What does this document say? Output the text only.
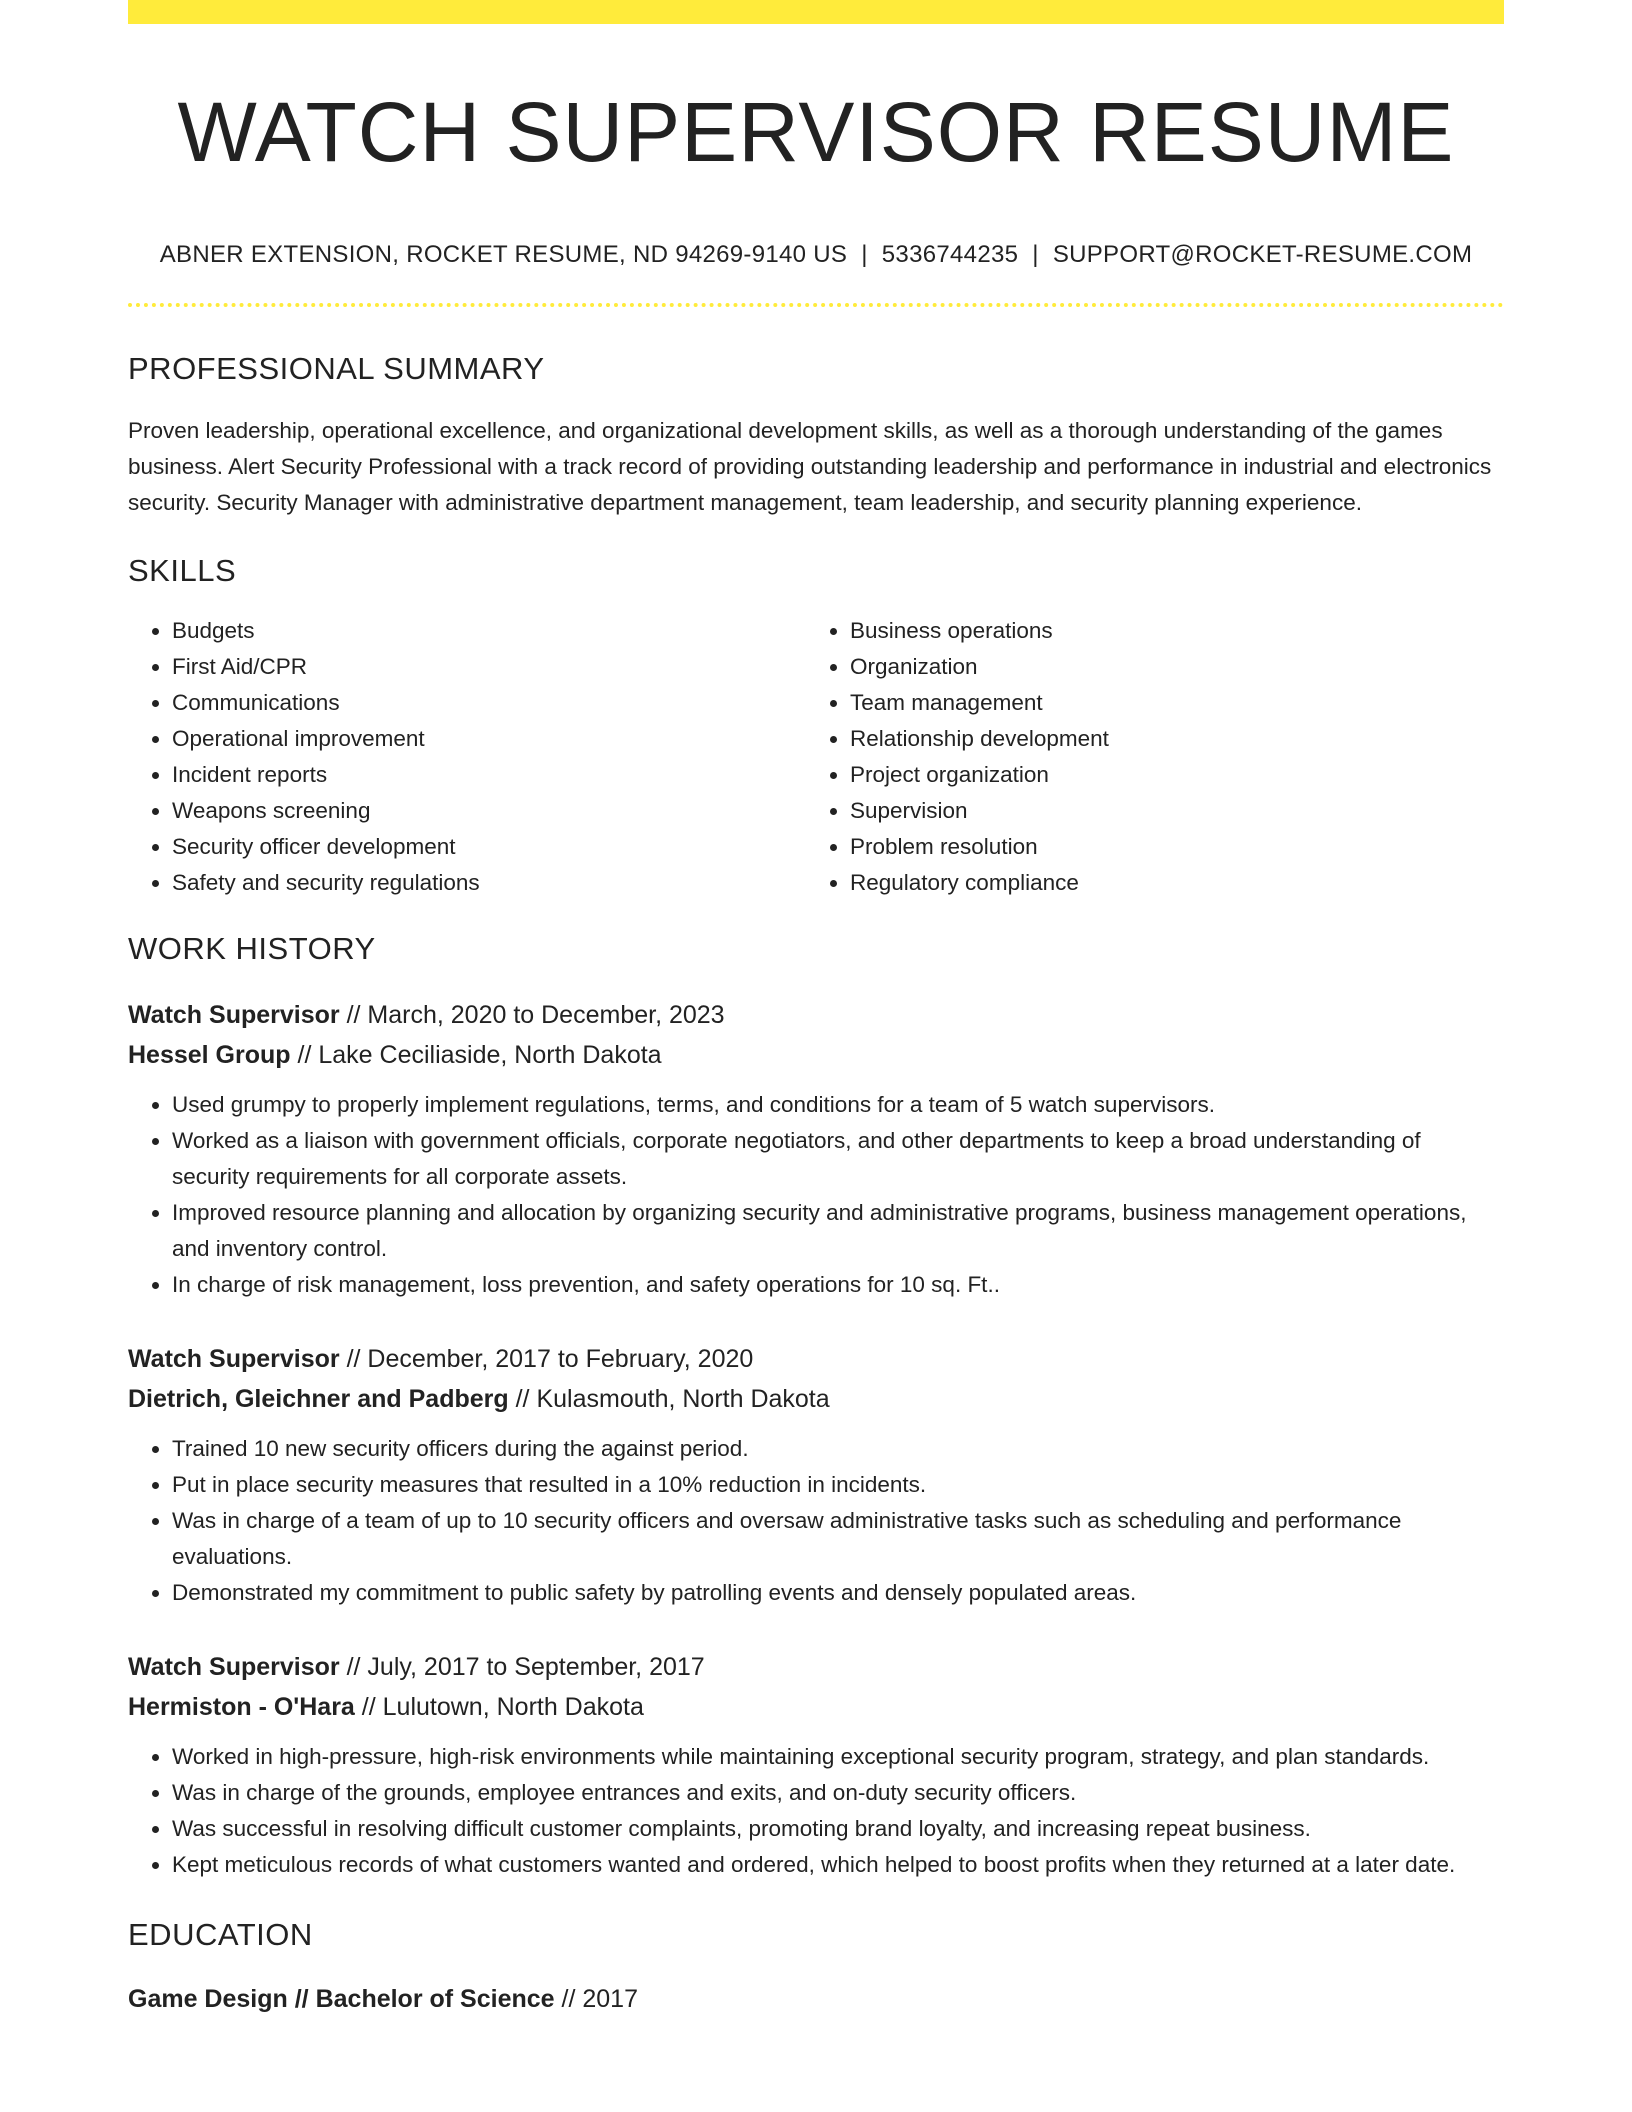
WATCH SUPERVISOR RESUME
ABNER EXTENSION, ROCKET RESUME, ND 94269-9140 US | 5336744235 | SUPPORT@ROCKET-RESUME.COM
PROFESSIONAL SUMMARY

Proven leadership, operational excellence, and organizational development skills, as well as a thorough understanding of the games business. Alert Security Professional with a track record of providing outstanding leadership and performance in industrial and electronics security. Security Manager with administrative department management, team leadership, and security planning experience.

SKILLS
• Budgets
• First Aid/CPR
• Communications
• Operational improvement
• Incident reports
• Weapons screening
• Security officer development
• Safety and security regulations
• Business operations
• Organization
• Team management
• Relationship development
• Project organization
• Supervision
• Problem resolution
• Regulatory compliance
WORK HISTORY
Watch Supervisor // March, 2020 to December, 2023
Hessel Group // Lake Ceciliaside, North Dakota
• Used grumpy to properly implement regulations, terms, and conditions for a team of 5 watch supervisors.
• Worked as a liaison with government officials, corporate negotiators, and other departments to keep a broad understanding of security requirements for all corporate assets.
• Improved resource planning and allocation by organizing security and administrative programs, business management operations, and inventory control.
• In charge of risk management, loss prevention, and safety operations for 10 sq. Ft..
Watch Supervisor // December, 2017 to February, 2020
Dietrich, Gleichner and Padberg // Kulasmouth, North Dakota
• Trained 10 new security officers during the against period.
• Put in place security measures that resulted in a 10% reduction in incidents.
• Was in charge of a team of up to 10 security officers and oversaw administrative tasks such as scheduling and performance evaluations.
• Demonstrated my commitment to public safety by patrolling events and densely populated areas.
Watch Supervisor // July, 2017 to September, 2017
Hermiston - O'Hara // Lulutown, North Dakota
• Worked in high-pressure, high-risk environments while maintaining exceptional security program, strategy, and plan standards.
• Was in charge of the grounds, employee entrances and exits, and on-duty security officers.
• Was successful in resolving difficult customer complaints, promoting brand loyalty, and increasing repeat business.
• Kept meticulous records of what customers wanted and ordered, which helped to boost profits when they returned at a later date.
EDUCATION
Game Design // Bachelor of Science // 2017
